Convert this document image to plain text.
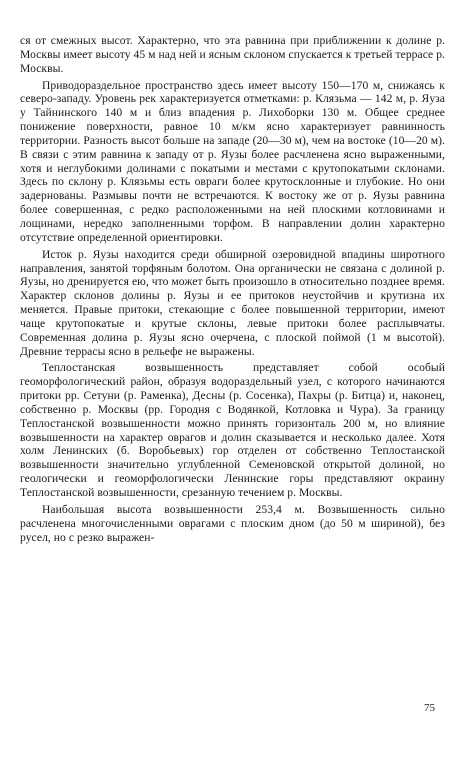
ся от смежных высот. Характерно, что эта равнина при приближении к долине р. Москвы имеет высоту 45 м над ней и ясным склоном спускается к третьей террасе р. Москвы.

Приводораздельное пространство здесь имеет высоту 150—170 м, снижаясь к северо-западу. Уровень рек характеризуется отметками: р. Клязьма — 142 м, р. Яуза у Тайнинского 140 м и близ впадения р. Лихоборки 130 м. Общее среднее понижение поверхности, равное 10 м/км ясно характеризует равнинность территории. Разность высот больше на западе (20—30 м), чем на востоке (10—20 м). В связи с этим равнина к западу от р. Яузы более расчленена ясно выраженными, хотя и неглубокими долинами с покатыми и местами с крутопокатыми склонами. Здесь по склону р. Клязьмы есть овраги более крутосклонные и глубокие. Но они задернованы. Размывы почти не встречаются. К востоку же от р. Яузы равнина более совершенная, с редко расположенными на ней плоскими котловинами и лощинами, нередко заполненными торфом. В направлении долин характерно отсутствие определенной ориентировки.

Исток р. Яузы находится среди обширной озеровидной впадины широтного направления, занятой торфяным болотом. Она органически не связана с долиной р. Яузы, но дренируется ею, что может быть произошло в относительно позднее время. Характер склонов долины р. Яузы и ее притоков неустойчив и крутизна их меняется. Правые притоки, стекающие с более повышенной территории, имеют чаще крутопокатые и крутые склоны, левые притоки более расплывчаты. Современная долина р. Яузы ясно очерчена, с плоской поймой (1 м высотой). Древние террасы ясно в рельефе не выражены.

Теплостанская возвышенность представляет собой особый геоморфологический район, образуя водораздельный узел, с которого начинаются притоки рр. Сетуни (р. Раменка), Десны (р. Сосенка), Пахры (р. Битца) и, наконец, собственно р. Москвы (рр. Городня с Водянкой, Котловка и Чура). За границу Теплостанской возвышенности можно принять горизонталь 200 м, но влияние возвышенности на характер оврагов и долин сказывается и несколько далее. Хотя холм Ленинских (б. Воробьевых) гор отделен от собственно Теплостанской возвышенности значительно углубленной Семеновской открытой долиной, но геологически и геоморфологически Ленинские горы представляют окраину Теплостанской возвышенности, срезанную течением р. Москвы.

Наибольшая высота возвышенности 253,4 м. Возвышенность сильно расчленена многочисленными оврагами с плоским дном (до 50 м шириной), без русел, но с резко выражен-

75
